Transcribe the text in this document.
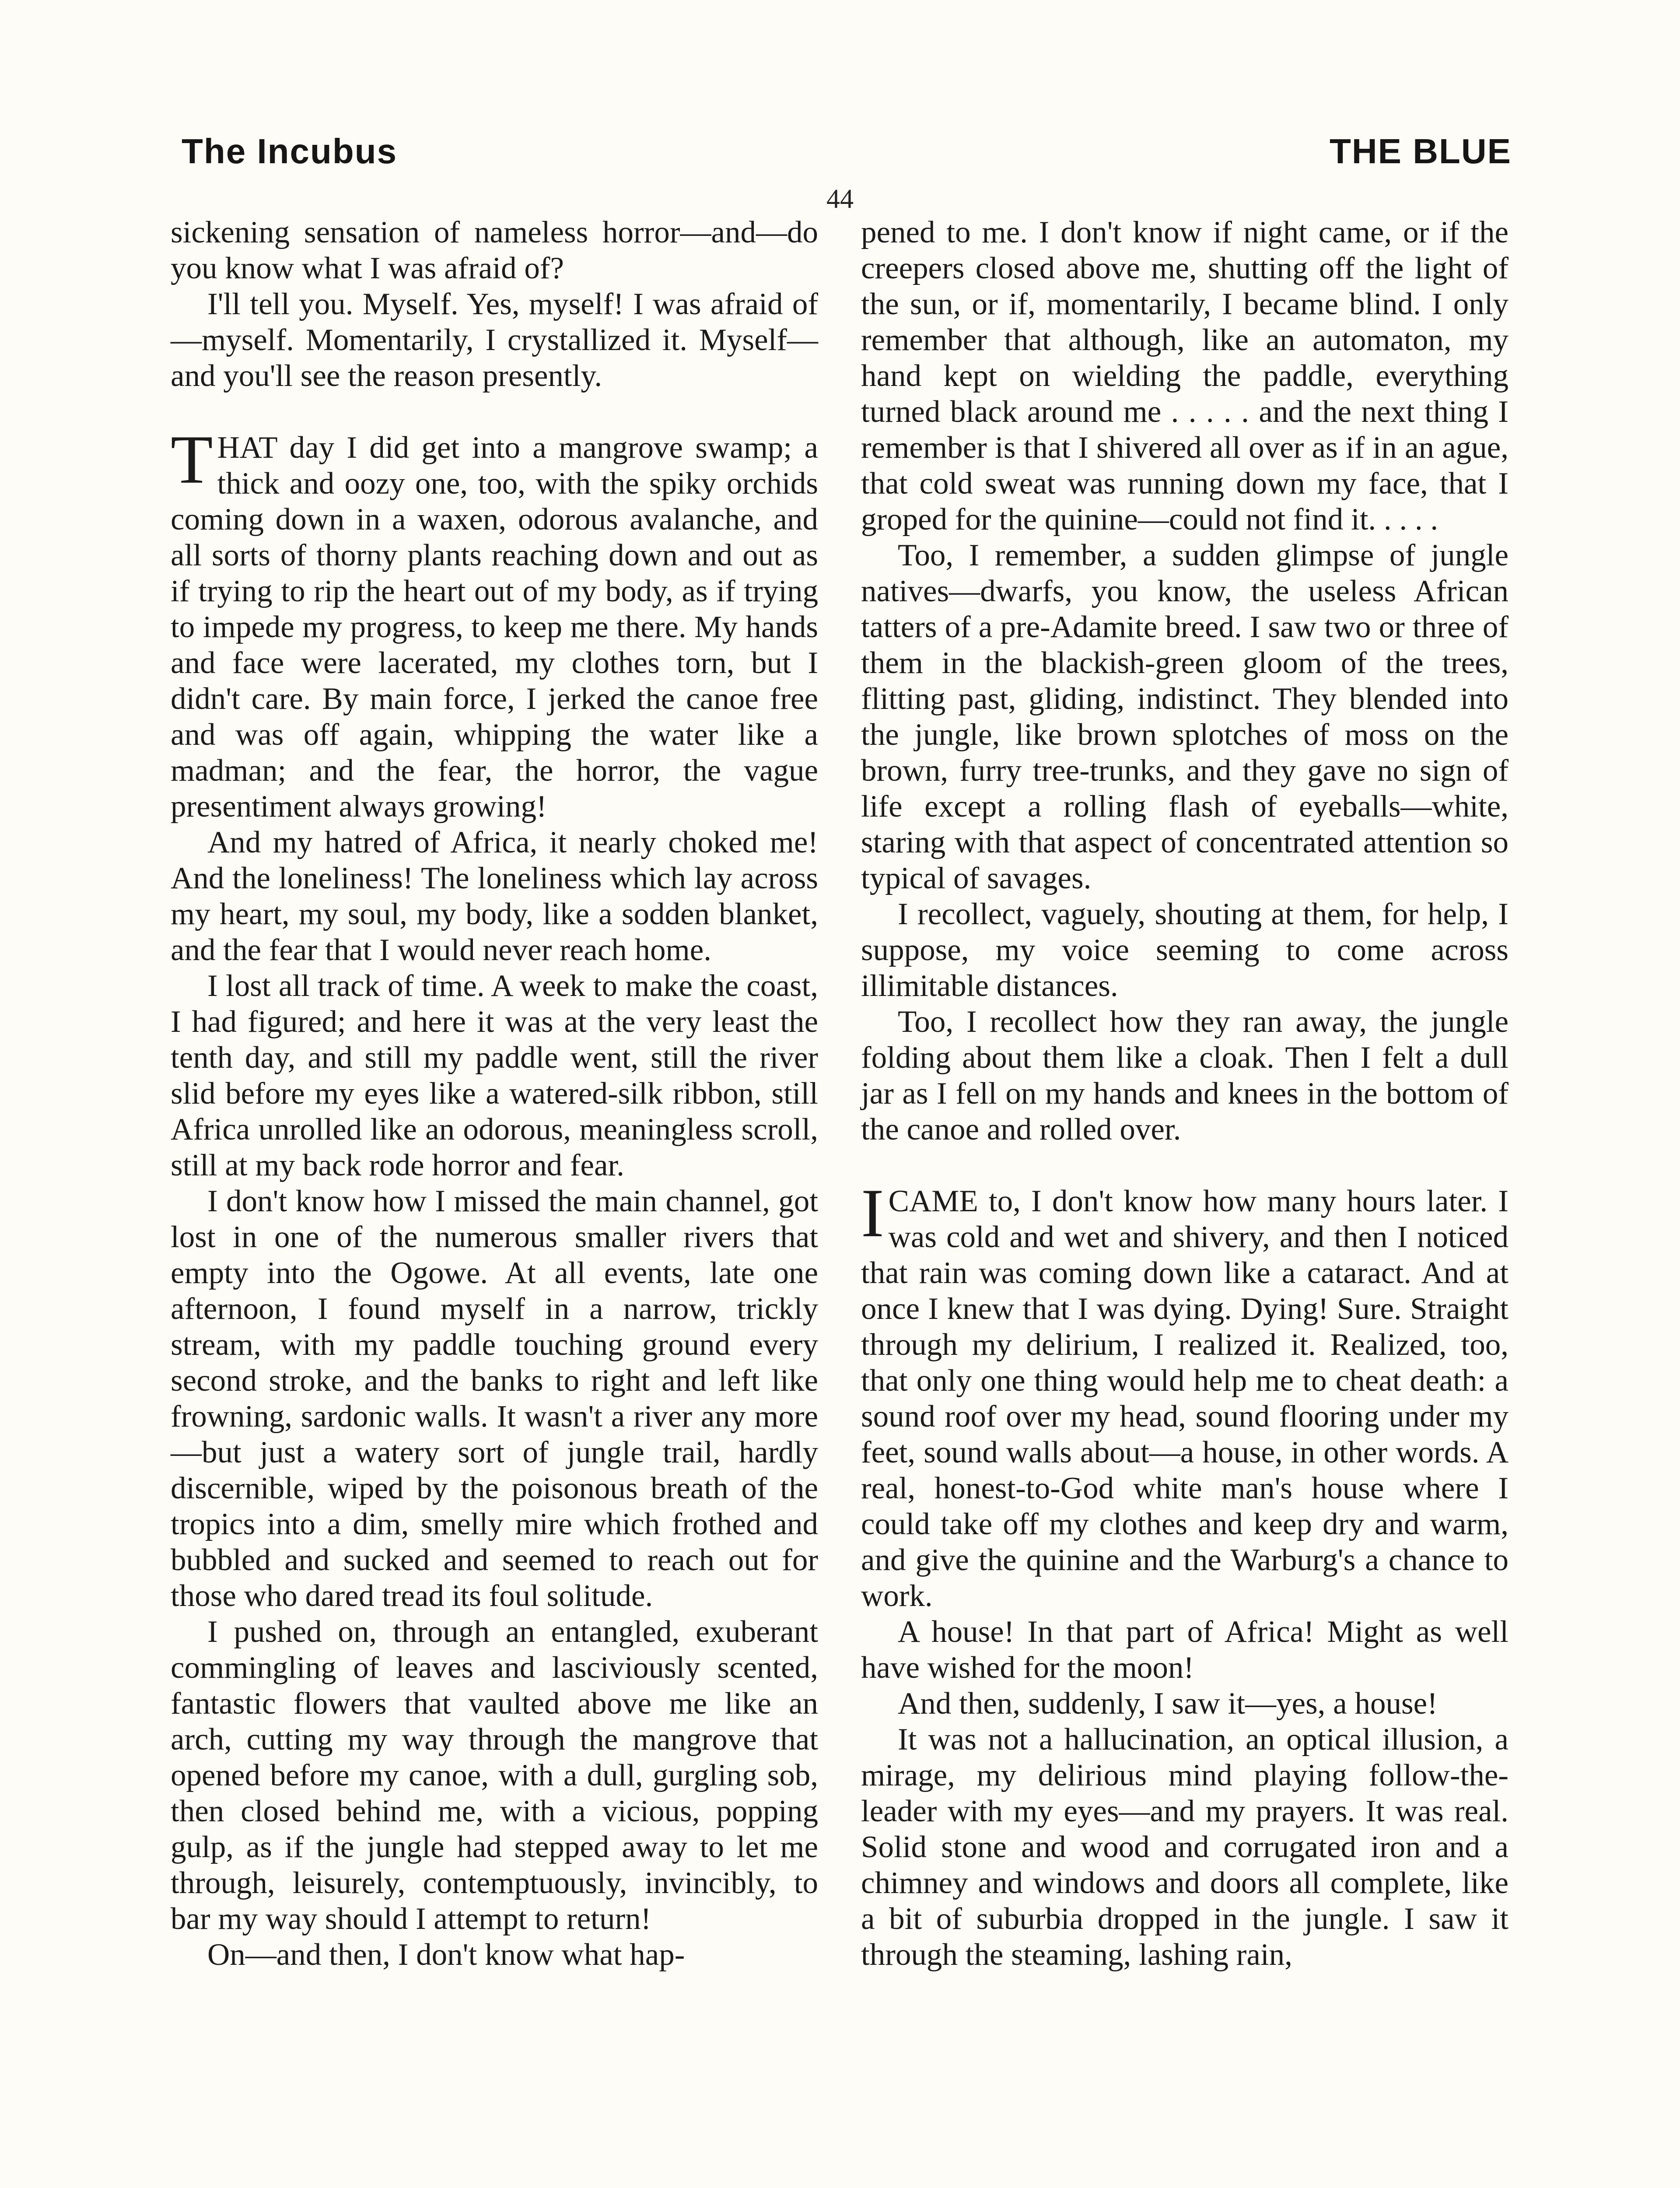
The Incubus	THE BLUE
44

sickening sensation of nameless horror—and—do you know what I was afraid of?

I'll tell you. Myself. Yes, myself! I was afraid of—myself. Momentarily, I crystallized it. Myself—and you'll see the reason presently.

THAT day I did get into a mangrove swamp; a thick and oozy one, too, with the spiky orchids coming down in a waxen, odorous avalanche, and all sorts of thorny plants reaching down and out as if trying to rip the heart out of my body, as if trying to impede my progress, to keep me there. My hands and face were lacerated, my clothes torn, but I didn't care. By main force, I jerked the canoe free and was off again, whipping the water like a madman; and the fear, the horror, the vague presentiment always growing!

And my hatred of Africa, it nearly choked me! And the loneliness! The loneliness which lay across my heart, my soul, my body, like a sodden blanket, and the fear that I would never reach home.

I lost all track of time. A week to make the coast, I had figured; and here it was at the very least the tenth day, and still my paddle went, still the river slid before my eyes like a watered-silk ribbon, still Africa unrolled like an odorous, meaningless scroll, still at my back rode horror and fear.

I don't know how I missed the main channel, got lost in one of the numerous smaller rivers that empty into the Ogowe. At all events, late one afternoon, I found myself in a narrow, trickly stream, with my paddle touching ground every second stroke, and the banks to right and left like frowning, sardonic walls. It wasn't a river any more—but just a watery sort of jungle trail, hardly discernible, wiped by the poisonous breath of the tropics into a dim, smelly mire which frothed and bubbled and sucked and seemed to reach out for those who dared tread its foul solitude.

I pushed on, through an entangled, exuberant commingling of leaves and lasciviously scented, fantastic flowers that vaulted above me like an arch, cutting my way through the mangrove that opened before my canoe, with a dull, gurgling sob, then closed behind me, with a vicious, popping gulp, as if the jungle had stepped away to let me through, leisurely, contemptuously, invincibly, to bar my way should I attempt to return!

On—and then, I don't know what hap-

pened to me. I don't know if night came, or if the creepers closed above me, shutting off the light of the sun, or if, momentarily, I became blind. I only remember that although, like an automaton, my hand kept on wielding the paddle, everything turned black around me . . . . . and the next thing I remember is that I shivered all over as if in an ague, that cold sweat was running down my face, that I groped for the quinine—could not find it. . . . .

Too, I remember, a sudden glimpse of jungle natives—dwarfs, you know, the useless African tatters of a pre-Adamite breed. I saw two or three of them in the blackish-green gloom of the trees, flitting past, gliding, indistinct. They blended into the jungle, like brown splotches of moss on the brown, furry tree-trunks, and they gave no sign of life except a rolling flash of eyeballs—white, staring with that aspect of concentrated attention so typical of savages.

I recollect, vaguely, shouting at them, for help, I suppose, my voice seeming to come across illimitable distances.

Too, I recollect how they ran away, the jungle folding about them like a cloak. Then I felt a dull jar as I fell on my hands and knees in the bottom of the canoe and rolled over.

ICAME to, I don't know how many hours later. I was cold and wet and shivery, and then I noticed that rain was coming down like a cataract. And at once I knew that I was dying. Dying! Sure. Straight through my delirium, I realized it. Realized, too, that only one thing would help me to cheat death: a sound roof over my head, sound flooring under my feet, sound walls about—a house, in other words. A real, honest-to-God white man's house where I could take off my clothes and keep dry and warm, and give the quinine and the Warburg's a chance to work.

A house! In that part of Africa! Might as well have wished for the moon!

And then, suddenly, I saw it—yes, a house!

It was not a hallucination, an optical illusion, a mirage, my delirious mind playing follow-the-leader with my eyes—and my prayers. It was real. Solid stone and wood and corrugated iron and a chimney and windows and doors all complete, like a bit of suburbia dropped in the jungle. I saw it through the steaming, lashing rain,
